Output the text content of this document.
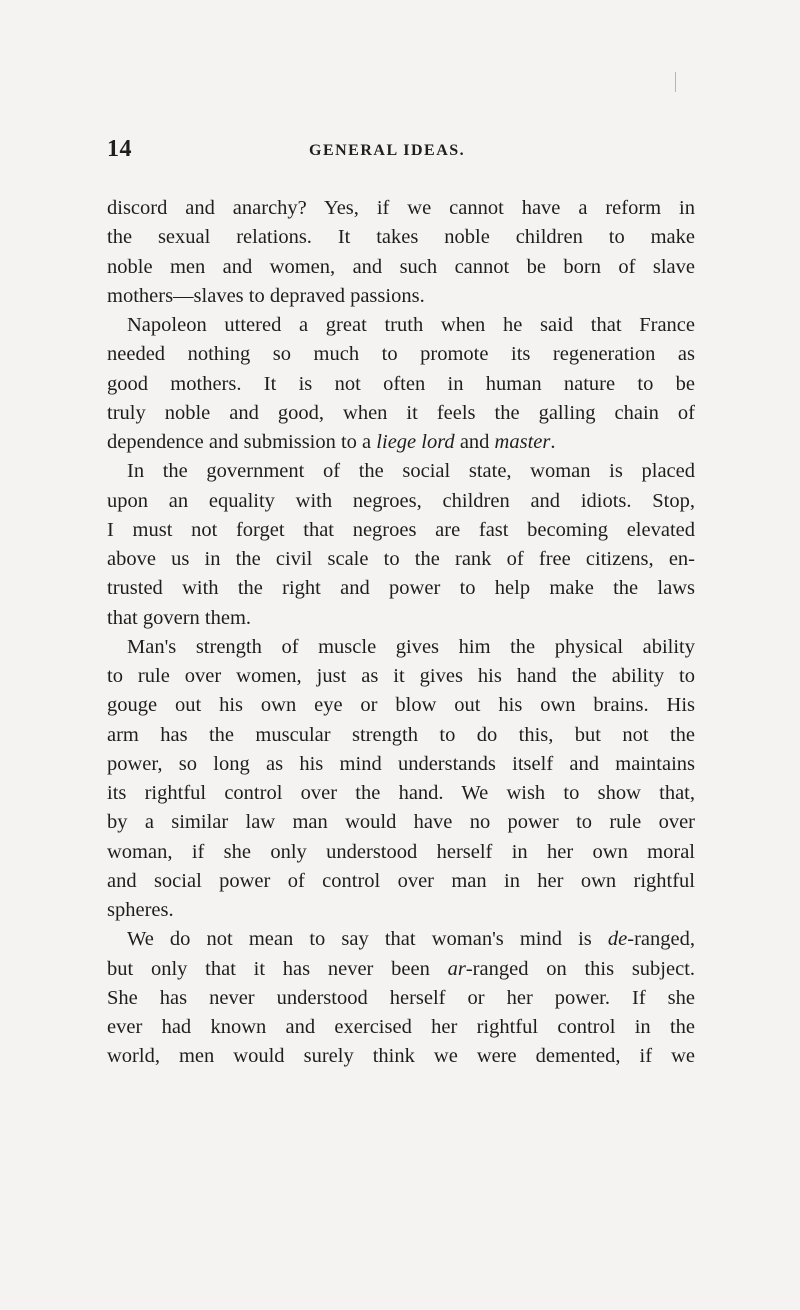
14	GENERAL IDEAS.
discord and anarchy? Yes, if we cannot have a reform in
the sexual relations. It takes noble children to make
noble men and women, and such cannot be born of slave
mothers—slaves to depraved passions.
Napoleon uttered a great truth when he said that France
needed nothing so much to promote its regeneration as
good mothers. It is not often in human nature to be
truly noble and good, when it feels the galling chain of
dependence and submission to a liege lord and master.
In the government of the social state, woman is placed
upon an equality with negroes, children and idiots. Stop,
I must not forget that negroes are fast becoming elevated
above us in the civil scale to the rank of free citizens, en-
trusted with the right and power to help make the laws
that govern them.
Man's strength of muscle gives him the physical ability
to rule over women, just as it gives his hand the ability to
gouge out his own eye or blow out his own brains. His
arm has the muscular strength to do this, but not the
power, so long as his mind understands itself and maintains
its rightful control over the hand. We wish to show that,
by a similar law man would have no power to rule over
woman, if she only understood herself in her own moral
and social power of control over man in her own rightful
spheres.
We do not mean to say that woman's mind is de-ranged,
but only that it has never been ar-ranged on this subject.
She has never understood herself or her power. If she
ever had known and exercised her rightful control in the
world, men would surely think we were demented, if we
